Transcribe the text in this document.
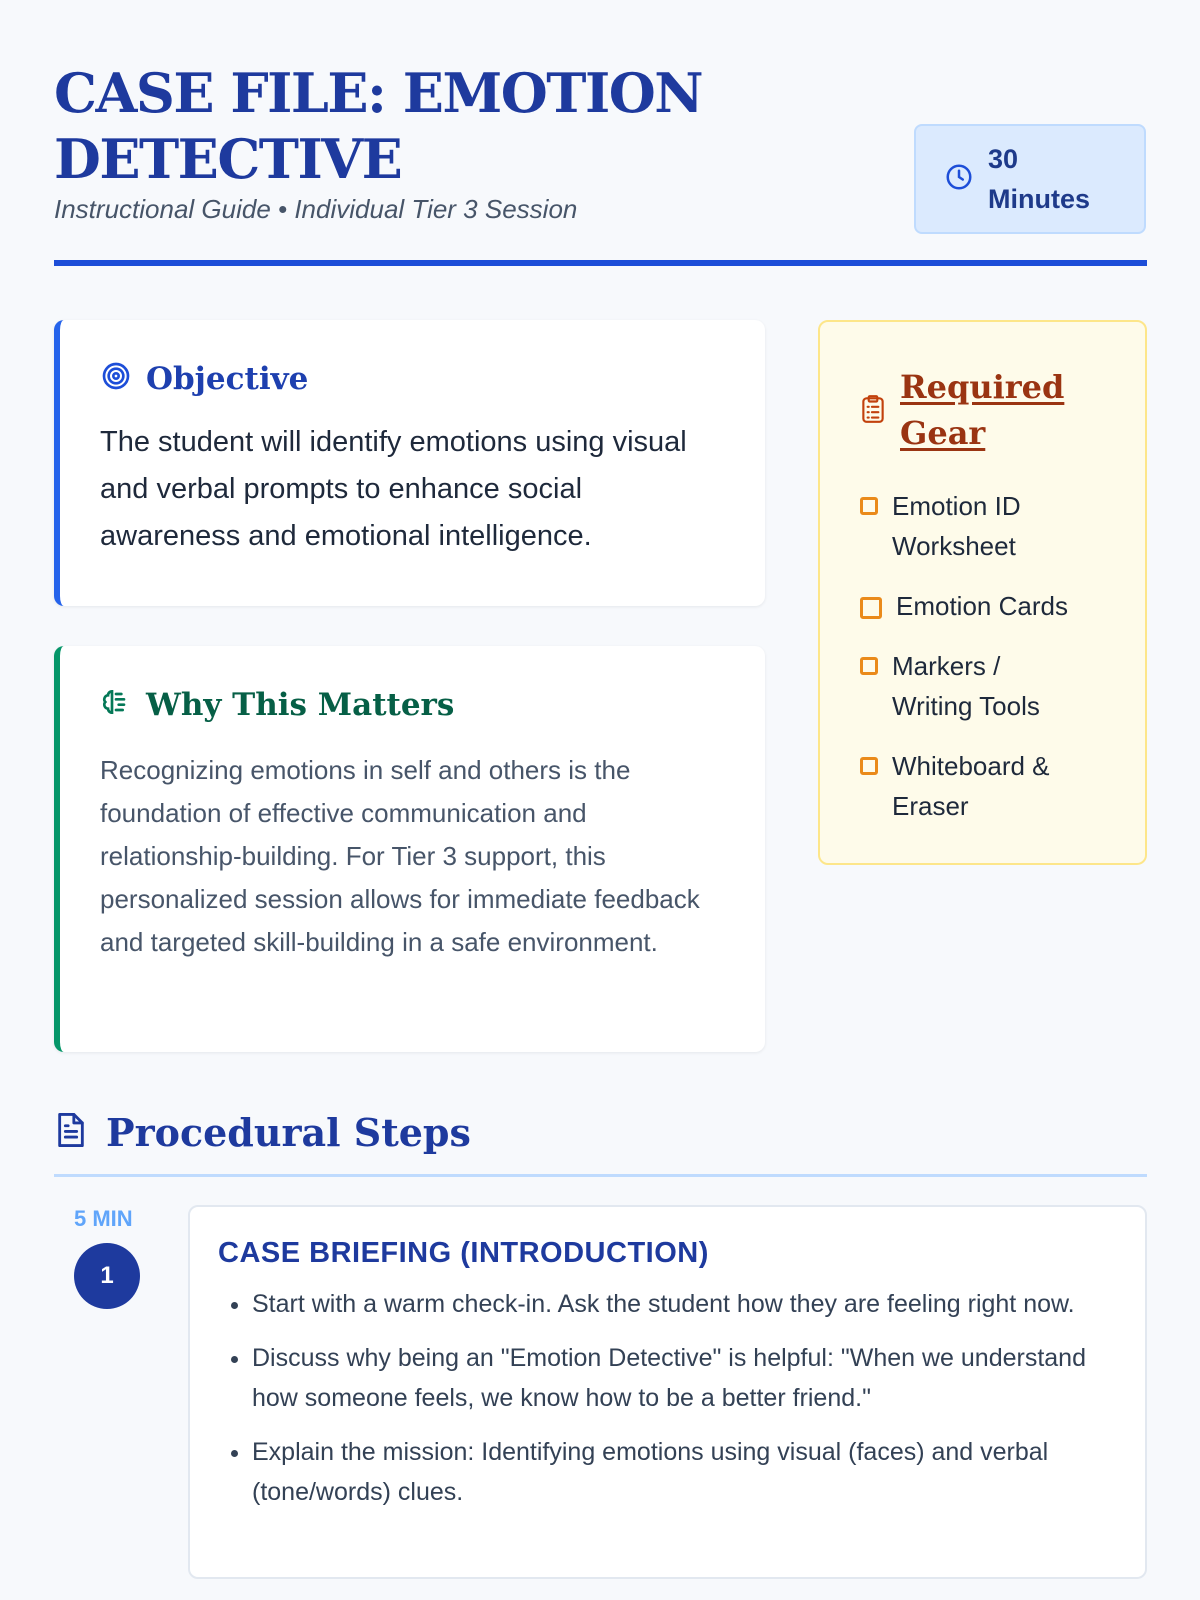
CASE FILE: EMOTION DETECTIVE
Instructional Guide • Individual Tier 3 Session
30 Minutes
Objective

The student will identify emotions using visual and verbal prompts to enhance social awareness and emotional intelligence.

Why This Matters

Recognizing emotions in self and others is the foundation of effective communication and relationship-building. For Tier 3 support, this personalized session allows for immediate feedback and targeted skill-building in a safe environment.

Required Gear
Emotion ID Worksheet
Emotion Cards
Markers / Writing Tools
Whiteboard & Eraser
Procedural Steps
5 MIN
1
CASE BRIEFING (INTRODUCTION)
• Start with a warm check-in. Ask the student how they are feeling right now.
• Discuss why being an "Emotion Detective" is helpful: "When we understand how someone feels, we know how to be a better friend."
• Explain the mission: Identifying emotions using visual (faces) and verbal (tone/words) clues.
